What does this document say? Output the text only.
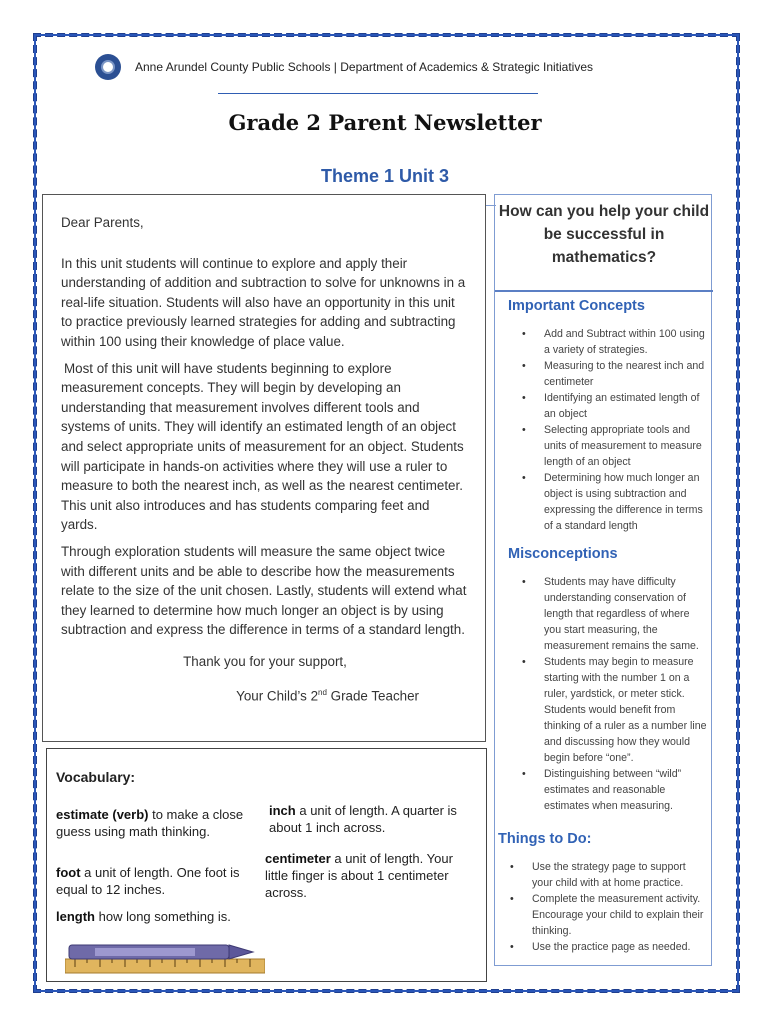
Anne Arundel County Public Schools | Department of Academics & Strategic Initiatives
Grade 2 Parent Newsletter
Theme 1 Unit 3

Dear Parents,

In this unit students will continue to explore and apply their understanding of addition and subtraction to solve for unknowns in a real-life situation. Students will also have an opportunity in this unit to practice previously learned strategies for adding and subtracting within 100 using their knowledge of place value.

Most of this unit will have students beginning to explore measurement concepts. They will begin by developing an understanding that measurement involves different tools and systems of units. They will identify an estimated length of an object and select appropriate units of measurement for an object. Students will participate in hands-on activities where they will use a ruler to measure to both the nearest inch, as well as the nearest centimeter. This unit also introduces and has students comparing feet and yards.

Through exploration students will measure the same object twice with different units and be able to describe how the measurements relate to the size of the unit chosen. Lastly, students will extend what they learned to determine how much longer an object is by using subtraction and express the difference in terms of a standard length.

Thank you for your support,

Your Child’s 2nd Grade Teacher

Vocabulary:
estimate (verb) to make a close guess using math thinking.
inch a unit of length. A quarter is about 1 inch across.
foot a unit of length. One foot is equal to 12 inches.
centimeter a unit of length. Your little finger is about 1 centimeter across.
length how long something is.
How can you help your child be successful in mathematics?
Important Concepts
• Add and Subtract within 100 using a variety of strategies.
• Measuring to the nearest inch and centimeter
• Identifying an estimated length of an object
• Selecting appropriate tools and units of measurement to measure length of an object
• Determining how much longer an object is using subtraction and expressing the difference in terms of a standard length
Misconceptions
• Students may have difficulty understanding conservation of length that regardless of where you start measuring, the measurement remains the same.
• Students may begin to measure starting with the number 1 on a ruler, yardstick, or meter stick. Students would benefit from thinking of a ruler as a number line and discussing how they would begin before “one”.
• Distinguishing between “wild” estimates and reasonable estimates when measuring.
Things to Do:
• Use the strategy page to support your child with at home practice.
• Complete the measurement activity. Encourage your child to explain their thinking.
• Use the practice page as needed.
